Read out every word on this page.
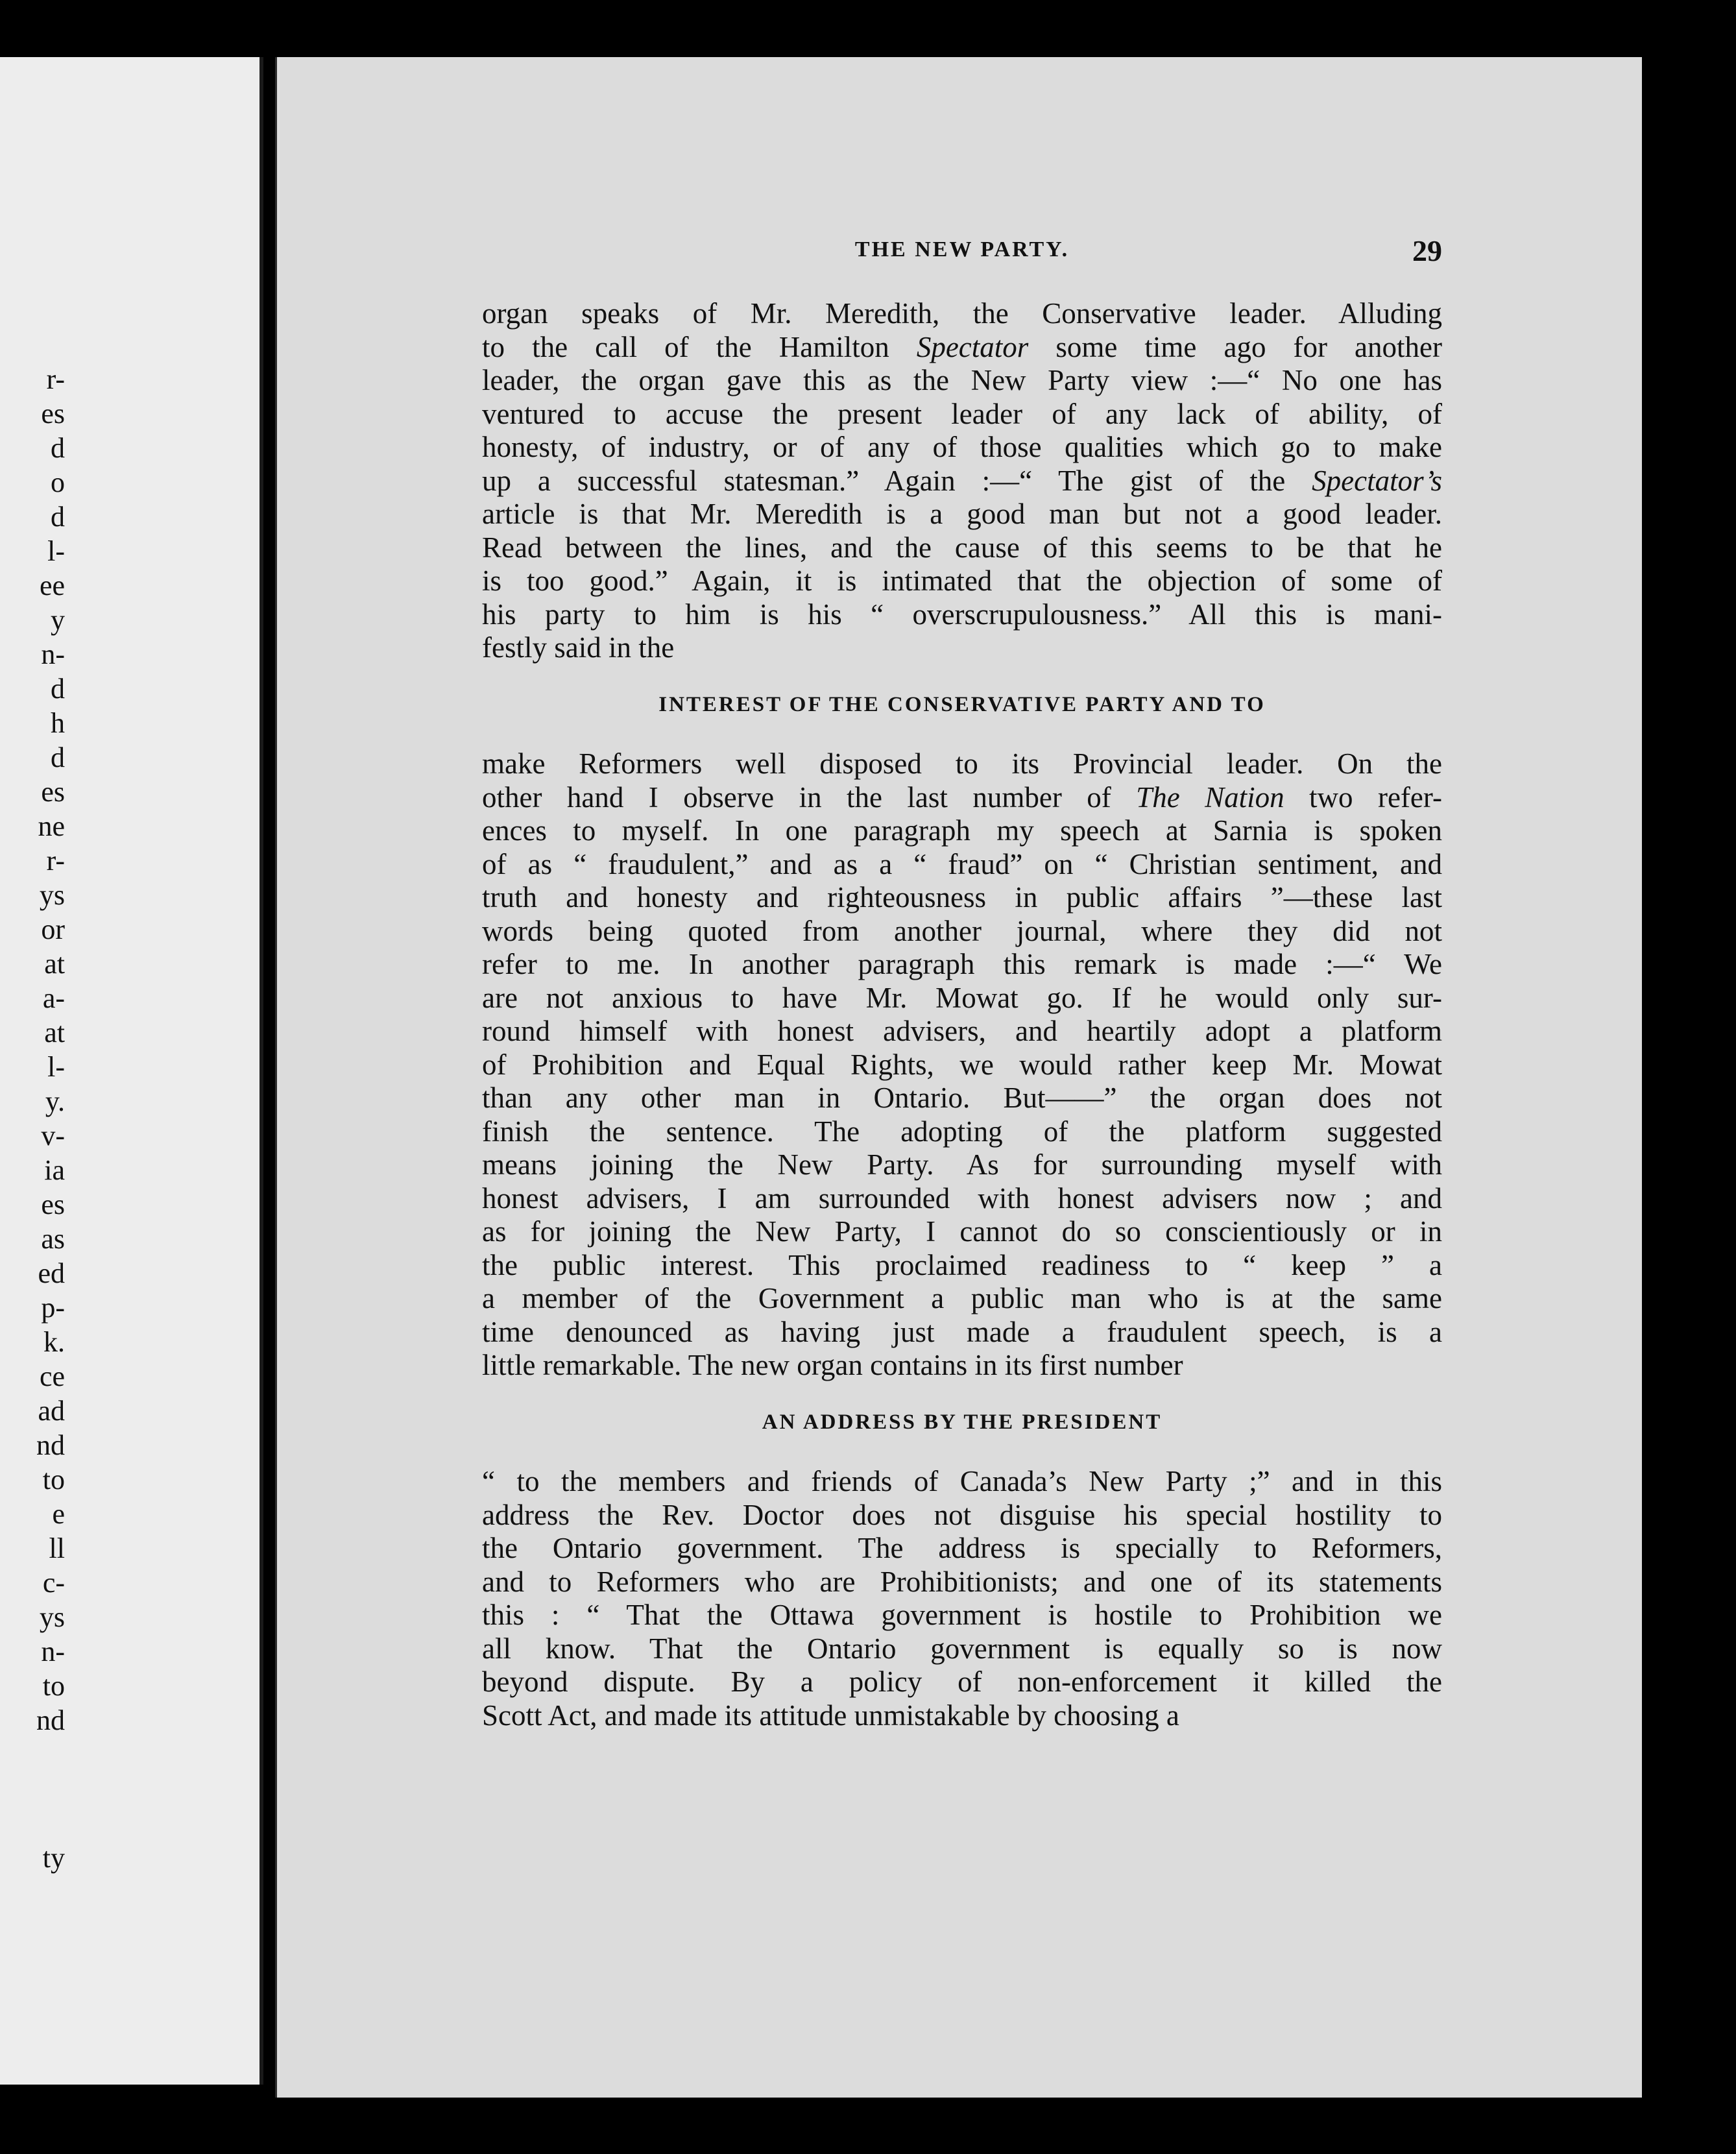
r-
es
d
o
d
l-
ee
y
n-
d
h
d
es
ne
r-
ys
or
at
a-
at
l-
y.
v-
ia
es
as
ed
p-
k.
ce
ad
nd
to
e
ll
c-
ys
n-
to
nd
ty
THE NEW PARTY.	29
organ speaks of Mr. Meredith, the Conservative leader. Alluding
to the call of the Hamilton Spectator some time ago for another
leader, the organ gave this as the New Party view :—“ No one has
ventured to accuse the present leader of any lack of ability, of
honesty, of industry, or of any of those qualities which go to make
up a successful statesman.” Again :—“ The gist of the Spectator’s
article is that Mr. Meredith is a good man but not a good leader.
Read between the lines, and the cause of this seems to be that he
is too good.” Again, it is intimated that the objection of some of
his party to him is his “ overscrupulousness.” All this is mani-
festly said in the
INTEREST OF THE CONSERVATIVE PARTY AND TO
make Reformers well disposed to its Provincial leader. On the
other hand I observe in the last number of The Nation two refer-
ences to myself. In one paragraph my speech at Sarnia is spoken
of as “ fraudulent,” and as a “ fraud” on “ Christian sentiment, and
truth and honesty and righteousness in public affairs ”—these last
words being quoted from another journal, where they did not
refer to me. In another paragraph this remark is made :—“ We
are not anxious to have Mr. Mowat go. If he would only sur-
round himself with honest advisers, and heartily adopt a platform
of Prohibition and Equal Rights, we would rather keep Mr. Mowat
than any other man in Ontario. But——” the organ does not
finish the sentence. The adopting of the platform suggested
means joining the New Party. As for surrounding myself with
honest advisers, I am surrounded with honest advisers now ; and
as for joining the New Party, I cannot do so conscientiously or in
the public interest. This proclaimed readiness to “ keep ” a
a member of the Government a public man who is at the same
time denounced as having just made a fraudulent speech, is a
little remarkable. The new organ contains in its first number
AN ADDRESS BY THE PRESIDENT
“ to the members and friends of Canada’s New Party ;” and in this
address the Rev. Doctor does not disguise his special hostility to
the Ontario government. The address is specially to Reformers,
and to Reformers who are Prohibitionists; and one of its statements
this : “ That the Ottawa government is hostile to Prohibition we
all know. That the Ontario government is equally so is now
beyond dispute. By a policy of non-enforcement it killed the
Scott Act, and made its attitude unmistakable by choosing a
